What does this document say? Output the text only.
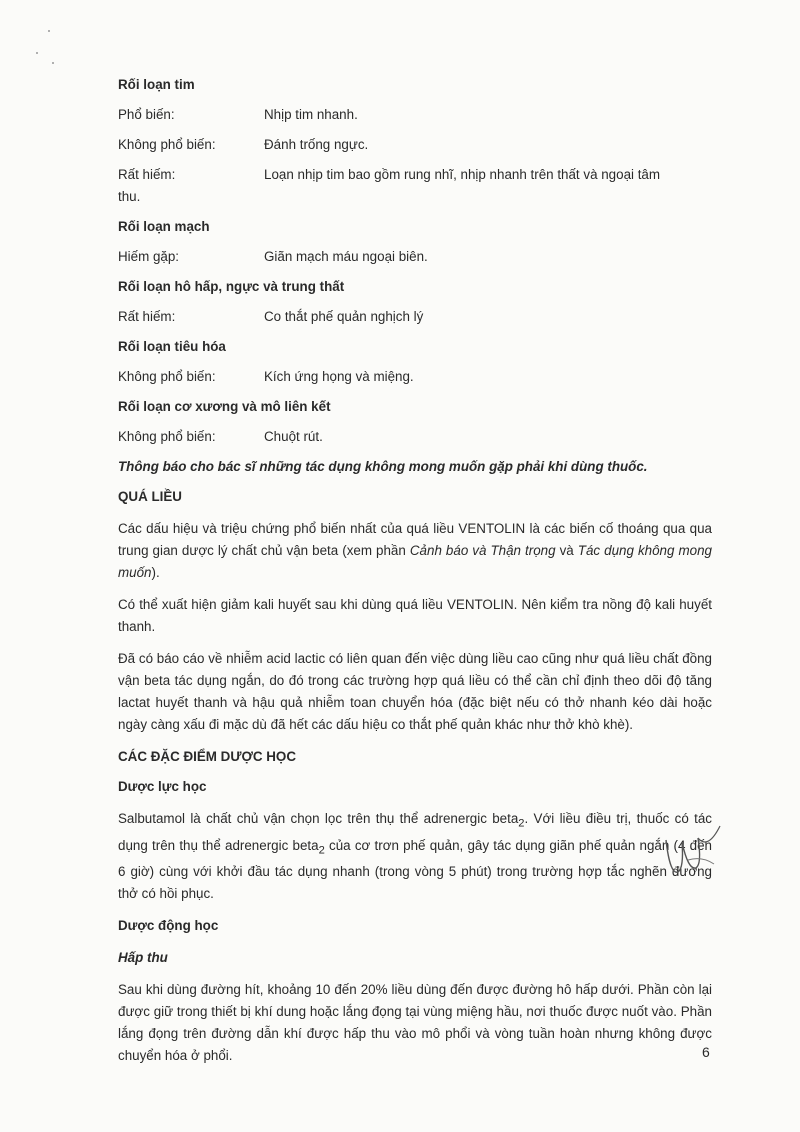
Rối loạn tim

Phổ biến:	Nhịp tim nhanh.
Không phổ biến:	Đánh trống ngực.
Rất hiếm:	Loạn nhịp tim bao gồm rung nhĩ, nhịp nhanh trên thất và ngoại tâm
thu.

Rối loạn mạch

Hiếm gặp:	Giãn mạch máu ngoại biên.

Rối loạn hô hấp, ngực và trung thất

Rất hiếm:	Co thắt phế quản nghịch lý

Rối loạn tiêu hóa

Không phổ biến:	Kích ứng họng và miệng.

Rối loạn cơ xương và mô liên kết

Không phổ biến:	Chuột rút.

Thông báo cho bác sĩ những tác dụng không mong muốn gặp phải khi dùng thuốc.

QUÁ LIỀU

Các dấu hiệu và triệu chứng phổ biến nhất của quá liều VENTOLIN là các biến cố thoáng qua qua trung gian dược lý chất chủ vận beta (xem phần Cảnh báo và Thận trọng và Tác dụng không mong muốn).

Có thể xuất hiện giảm kali huyết sau khi dùng quá liều VENTOLIN. Nên kiểm tra nồng độ kali huyết thanh.

Đã có báo cáo về nhiễm acid lactic có liên quan đến việc dùng liều cao cũng như quá liều chất đồng vận beta tác dụng ngắn, do đó trong các trường hợp quá liều có thể cần chỉ định theo dõi độ tăng lactat huyết thanh và hậu quả nhiễm toan chuyển hóa (đặc biệt nếu có thở nhanh kéo dài hoặc ngày càng xấu đi mặc dù đã hết các dấu hiệu co thắt phế quản khác như thở khò khè).

CÁC ĐẶC ĐIỂM DƯỢC HỌC

Dược lực học

Salbutamol là chất chủ vận chọn lọc trên thụ thể adrenergic beta$_2$. Với liều điều trị, thuốc có tác dụng trên thụ thể adrenergic beta$_2$ của cơ trơn phế quản, gây tác dụng giãn phế quản ngắn (4 đến 6 giờ) cùng với khởi đầu tác dụng nhanh (trong vòng 5 phút) trong trường hợp tắc nghẽn đường thở có hồi phục.

Dược động học

Hấp thu

Sau khi dùng đường hít, khoảng 10 đến 20% liều dùng đến được đường hô hấp dưới. Phần còn lại được giữ trong thiết bị khí dung hoặc lắng đọng tại vùng miệng hầu, nơi thuốc được nuốt vào. Phần lắng đọng trên đường dẫn khí được hấp thu vào mô phổi và vòng tuần hoàn nhưng không được chuyển hóa ở phổi.	6
